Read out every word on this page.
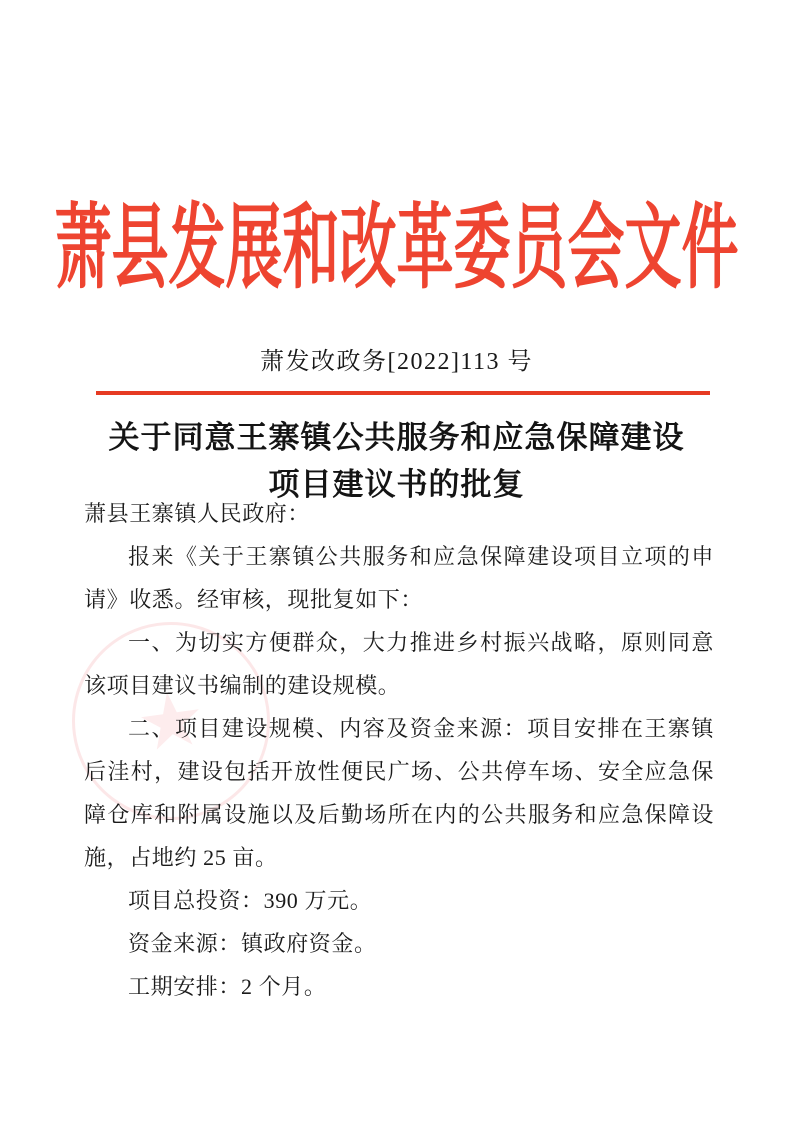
萧县发展和改革委员会文件
萧发改政务[2022]113 号
关于同意王寨镇公共服务和应急保障建设
项目建议书的批复
★

萧县王寨镇人民政府：

报来《关于王寨镇公共服务和应急保障建设项目立项的申请》收悉。经审核，现批复如下：

一、为切实方便群众，大力推进乡村振兴战略，原则同意该项目建议书编制的建设规模。

二、项目建设规模、内容及资金来源：项目安排在王寨镇后洼村，建设包括开放性便民广场、公共停车场、安全应急保障仓库和附属设施以及后勤场所在内的公共服务和应急保障设施，占地约 25 亩。

项目总投资：390 万元。

资金来源：镇政府资金。

工期安排：2 个月。
